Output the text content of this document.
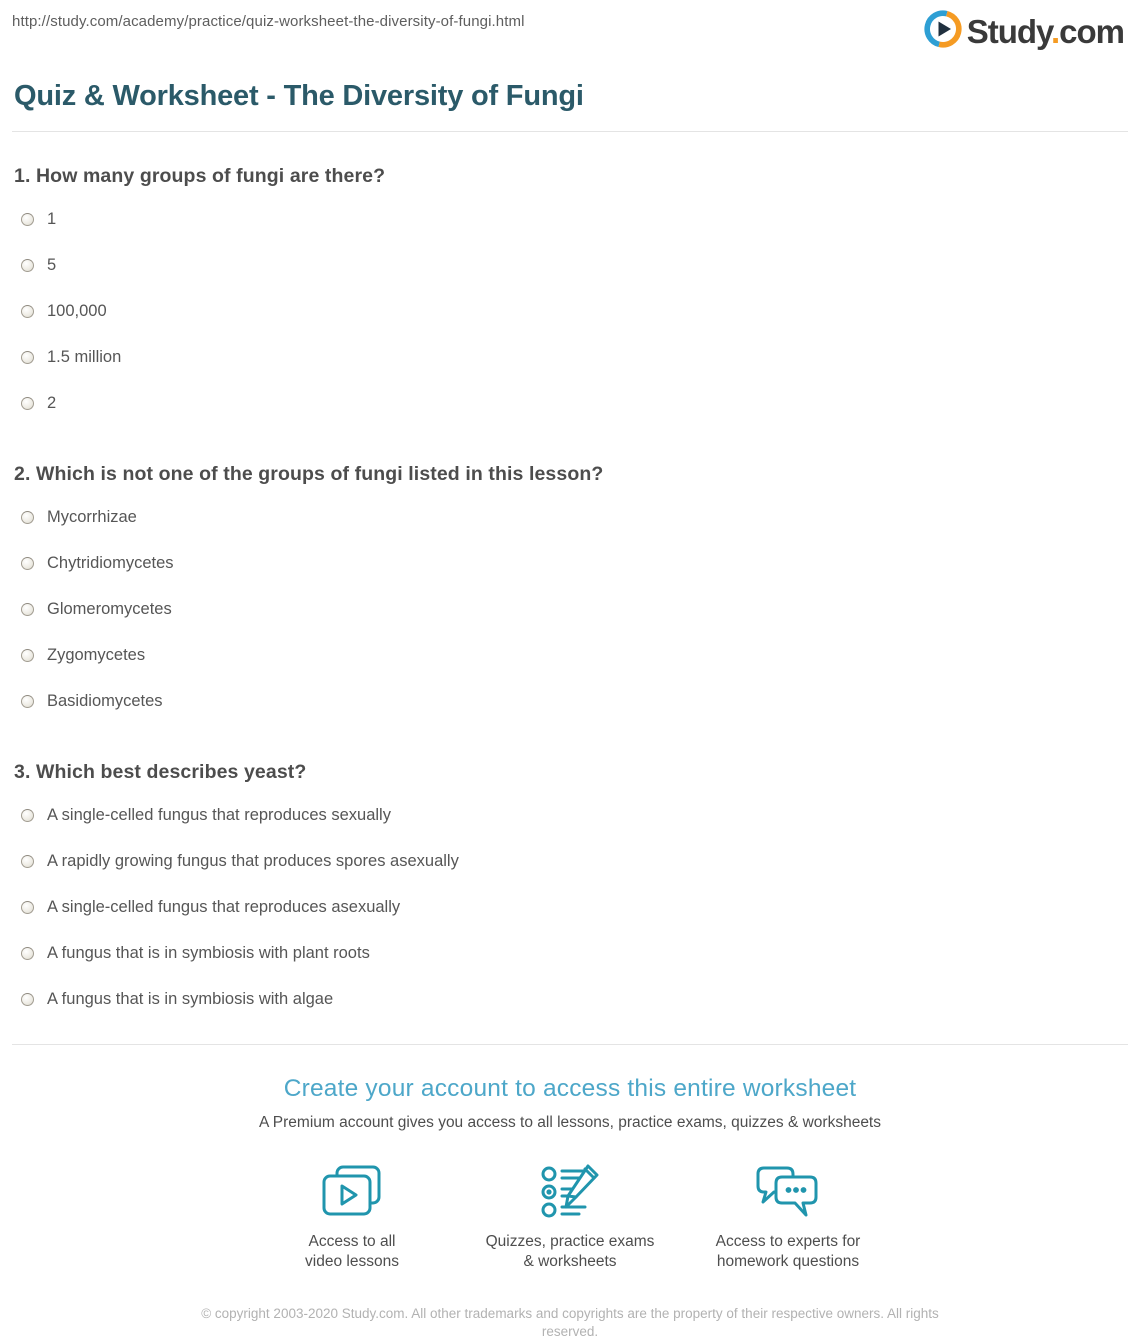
http://study.com/academy/practice/quiz-worksheet-the-diversity-of-fungi.html	Study.com
Quiz & Worksheet - The Diversity of Fungi
1. How many groups of fungi are there?
1
5
100,000
1.5 million
2
2. Which is not one of the groups of fungi listed in this lesson?
Mycorrhizae
Chytridiomycetes
Glomeromycetes
Zygomycetes
Basidiomycetes
3. Which best describes yeast?
A single-celled fungus that reproduces sexually
A rapidly growing fungus that produces spores asexually
A single-celled fungus that reproduces asexually
A fungus that is in symbiosis with plant roots
A fungus that is in symbiosis with algae
Create your account to access this entire worksheet

A Premium account gives you access to all lessons, practice exams, quizzes & worksheets

Access to all
video lessons
Quizzes, practice exams
& worksheets
Access to experts for
homework questions

© copyright 2003-2020 Study.com. All other trademarks and copyrights are the property of their respective owners. All rights reserved.
